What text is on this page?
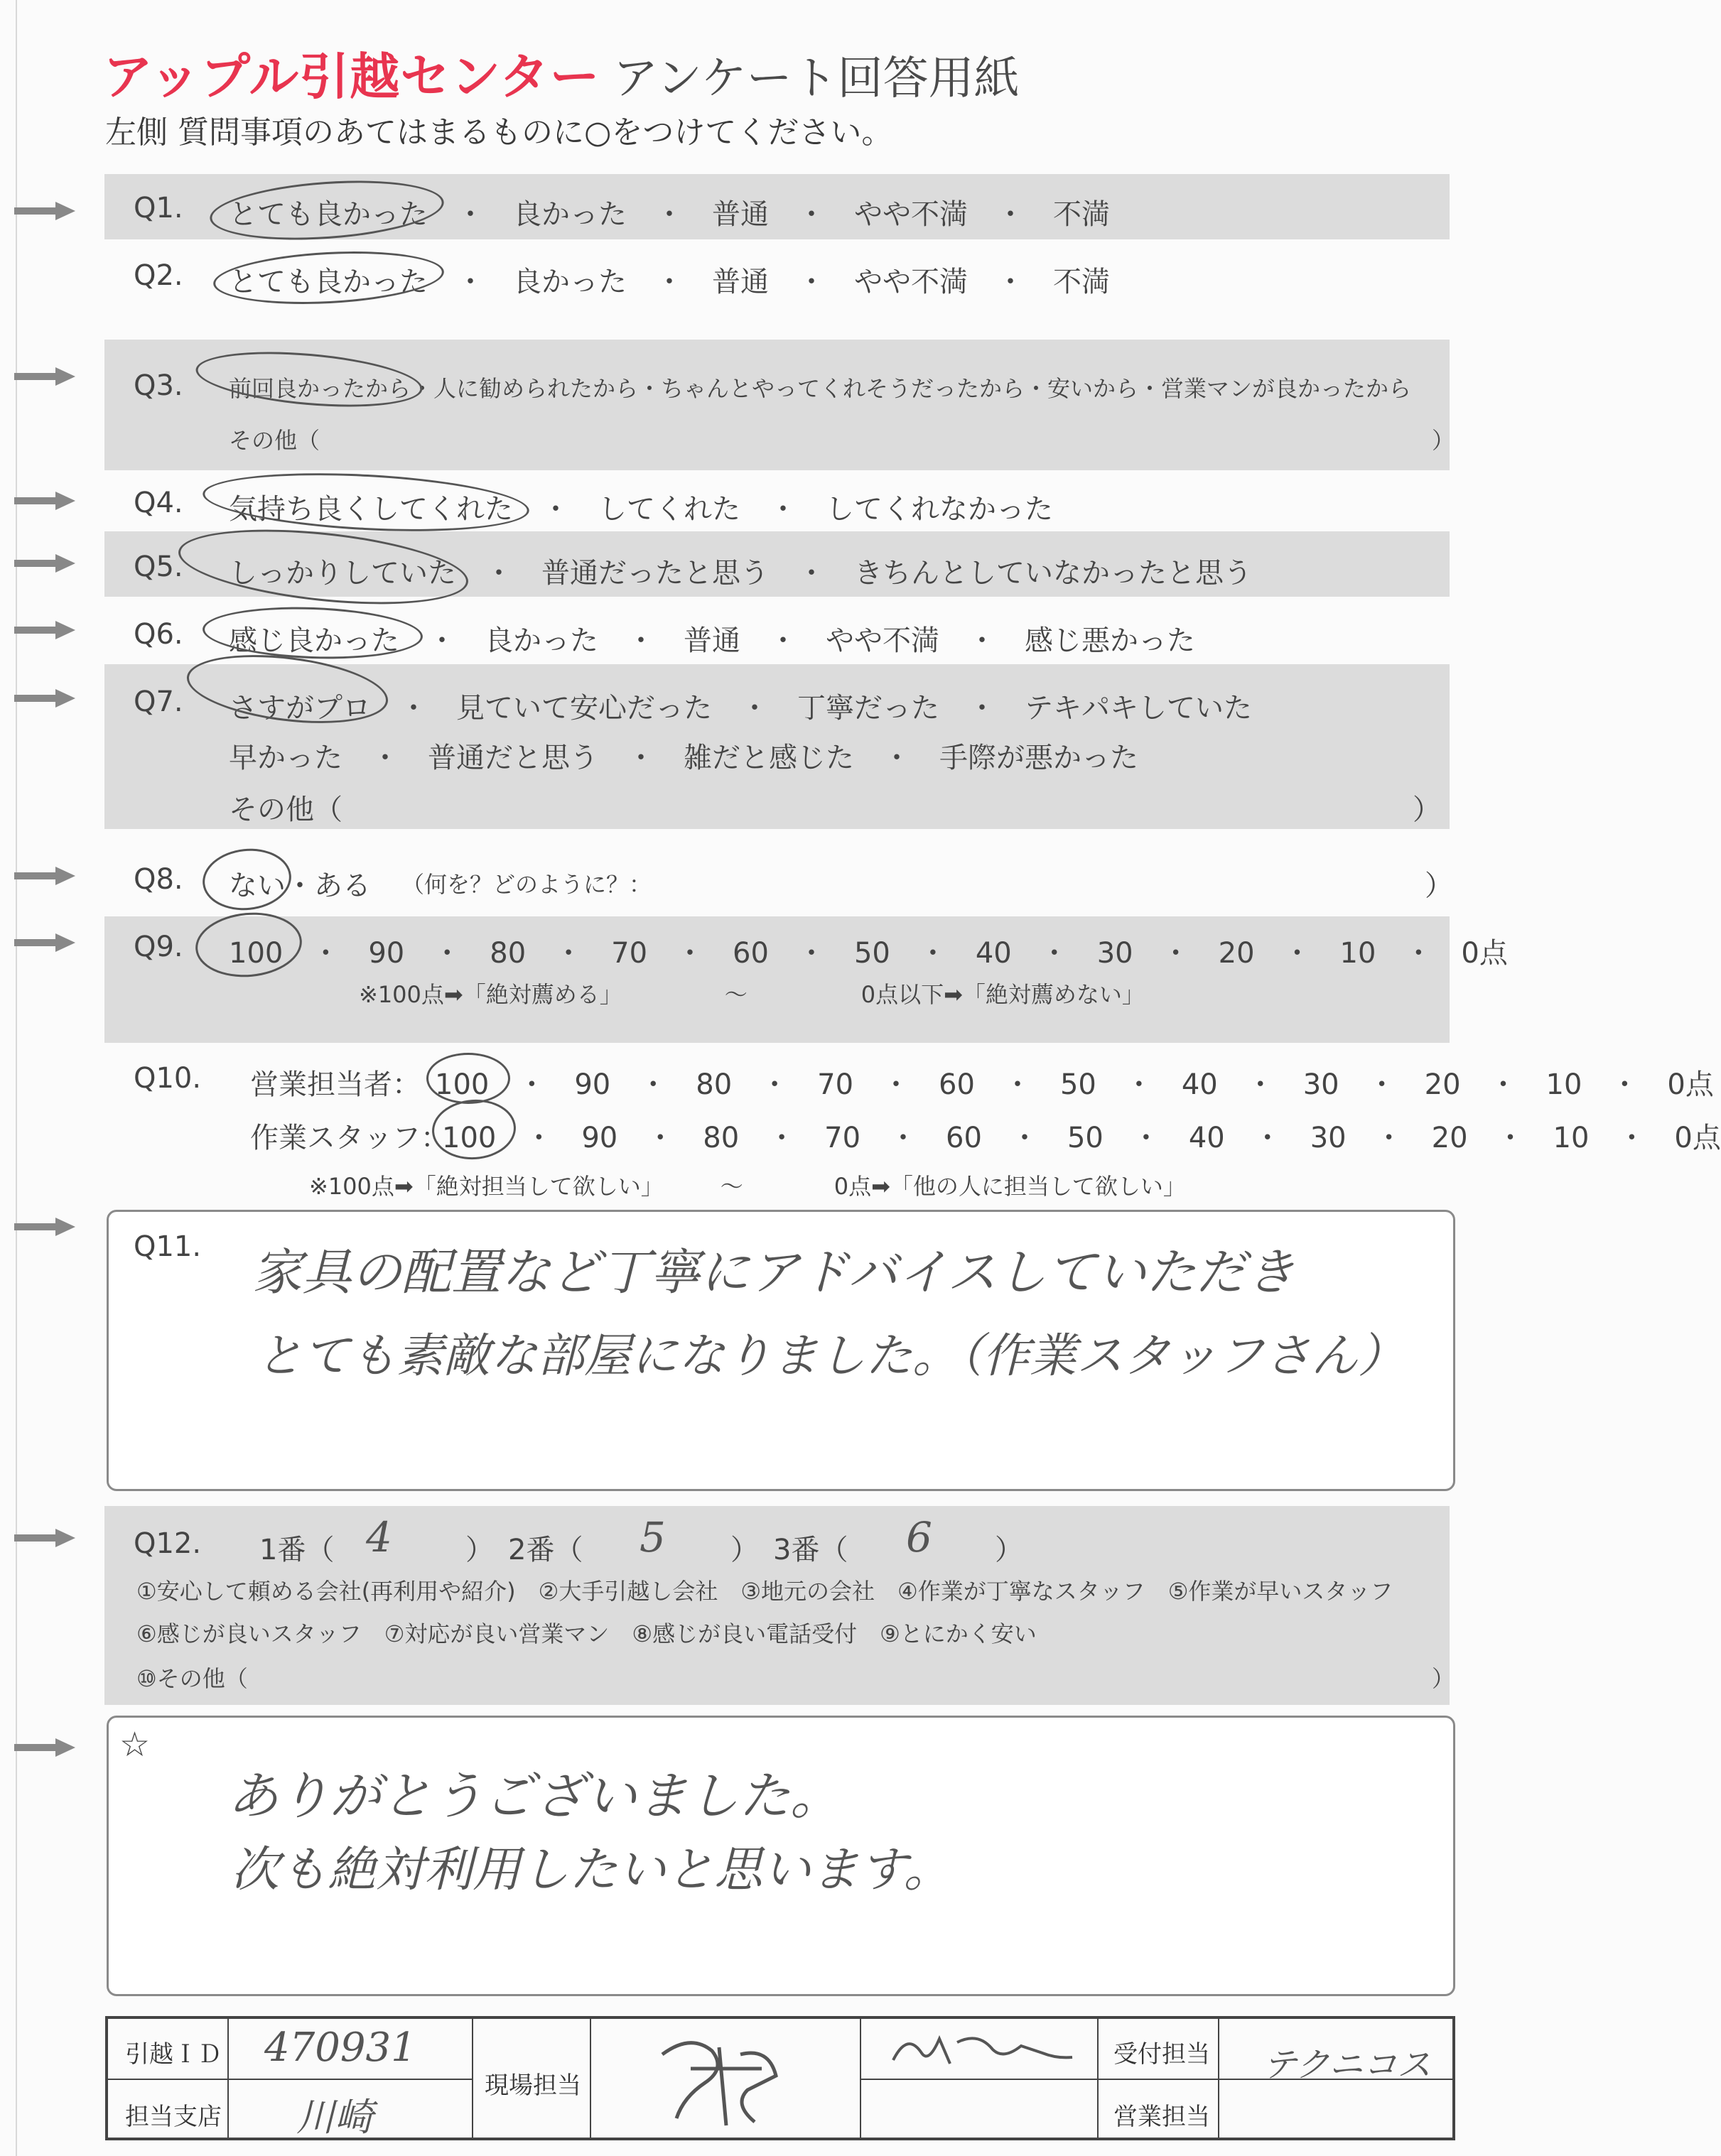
アップル引越センター アンケート回答用紙
左側 質問事項のあてはまるものに○をつけてください。
Q1. とても良かった　・　良かった　・　普通　・　やや不満　・　不満
Q2. とても良かった　・　良かった　・　普通　・　やや不満　・　不満
Q3. 前回良かったから・人に勧められたから・ちゃんとやってくれそうだったから・安いから・営業マンが良かったから
その他（	）
Q4. 気持ち良くしてくれた　・　してくれた　・　してくれなかった
Q5. しっかりしていた　・　普通だったと思う　・　きちんとしていなかったと思う
Q6. 感じ良かった　・　良かった　・　普通　・　やや不満　・　感じ悪かった
Q7. さすがプロ　・　見ていて安心だった　・　丁寧だった　・　テキパキしていた
早かった　・　普通だと思う　・　雑だと感じた　・　手際が悪かった
その他（	）
Q8. ない・ある （何を？どのように？：	）
Q9. 100　・　90　・　80　・　70　・　60　・　50　・　40　・　30　・　20　・　10　・　0点
※100点➡「絶対薦める」　　　　　～　　　　　0点以下➡「絶対薦めない」
Q10. 営業担当者： 100　・　90　・　80　・　70　・　60　・　50　・　40　・　30　・　20　・　10　・　0点
作業スタッフ：
100　・　90　・　80　・　70　・　60　・　50　・　40　・　30　・　20　・　10　・　0点
※100点➡「絶対担当して欲しい」　　　～　　　　0点➡「他の人に担当して欲しい」
Q11. 家具の配置など丁寧にアドバイスしていただき
とても素敵な部屋になりました。（作業スタッフさん）
Q12. 1番（ 4	）　2番（ 5 ）　3番（ 6 ）
①安心して頼める会社(再利用や紹介)　②大手引越し会社　③地元の会社　④作業が丁寧なスタッフ　⑤作業が早いスタッフ
⑥感じが良いスタッフ　⑦対応が良い営業マン　⑧感じが良い電話受付　⑨とにかく安い
⑩その他（	）
☆
ありがとうございました。
次も絶対利用したいと思います。
引越ＩＤ 470931
担当支店 川崎
現場担当
受付担当 テクニコス
営業担当
